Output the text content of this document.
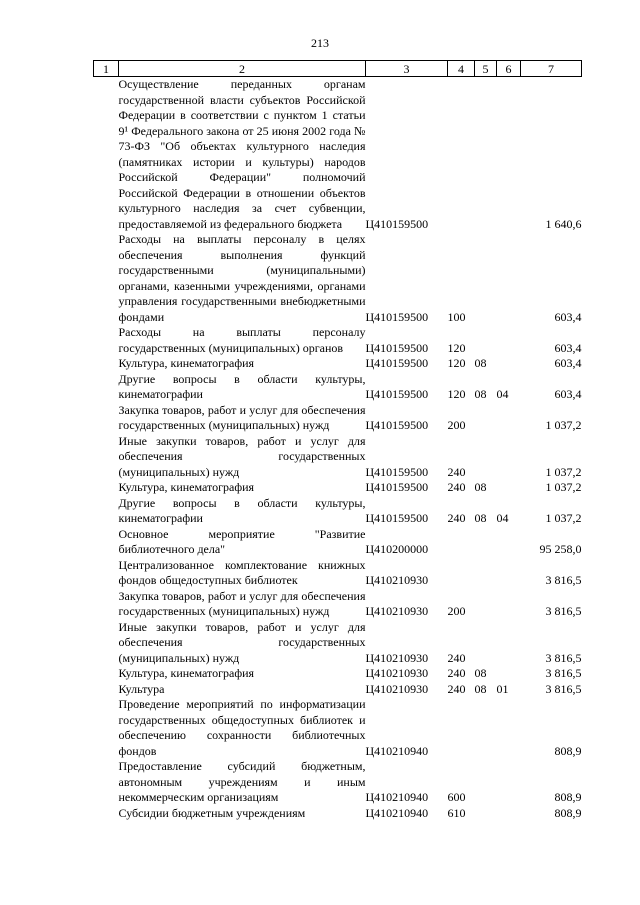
213
1	2	3	4	5	6	7
	Осуществление переданных органам государственной власти субъектов Российской Федерации в соответствии с пунктом 1 статьи 9¹ Федерального закона от 25 июня 2002 года № 73-ФЗ "Об объектах культурного наследия (памятниках истории и культуры) народов Российской Федерации" полномочий Российской Федерации в отношении объектов культурного наследия за счет субвенции, предоставляемой из федерального бюджета	Ц410159500				1 640,6
	Расходы на выплаты персоналу в целях обеспечения выполнения функций государственными (муниципальными) органами, казенными учреждениями, органами управления государственными внебюджетными фондами	Ц410159500	100			603,4
	Расходы на выплаты персоналу государственных (муниципальных) органов	Ц410159500	120			603,4
	Культура, кинематография	Ц410159500	120	08		603,4
	Другие вопросы в области культуры, кинематографии	Ц410159500	120	08	04	603,4
	Закупка товаров, работ и услуг для обеспечения государственных (муниципальных) нужд	Ц410159500	200			1 037,2
	Иные закупки товаров, работ и услуг для обеспечения государственных (муниципальных) нужд	Ц410159500	240			1 037,2
	Культура, кинематография	Ц410159500	240	08		1 037,2
	Другие вопросы в области культуры, кинематографии	Ц410159500	240	08	04	1 037,2
	Основное мероприятие "Развитие библиотечного дела"	Ц410200000				95 258,0
	Централизованное комплектование книжных фондов общедоступных библиотек	Ц410210930				3 816,5
	Закупка товаров, работ и услуг для обеспечения государственных (муниципальных) нужд	Ц410210930	200			3 816,5
	Иные закупки товаров, работ и услуг для обеспечения государственных (муниципальных) нужд	Ц410210930	240			3 816,5
	Культура, кинематография	Ц410210930	240	08		3 816,5
	Культура	Ц410210930	240	08	01	3 816,5
	Проведение мероприятий по информатизации государственных общедоступных библиотек и обеспечению сохранности библиотечных фондов	Ц410210940				808,9
	Предоставление субсидий бюджетным, автономным учреждениям и иным некоммерческим организациям	Ц410210940	600			808,9
	Субсидии бюджетным учреждениям	Ц410210940	610			808,9
